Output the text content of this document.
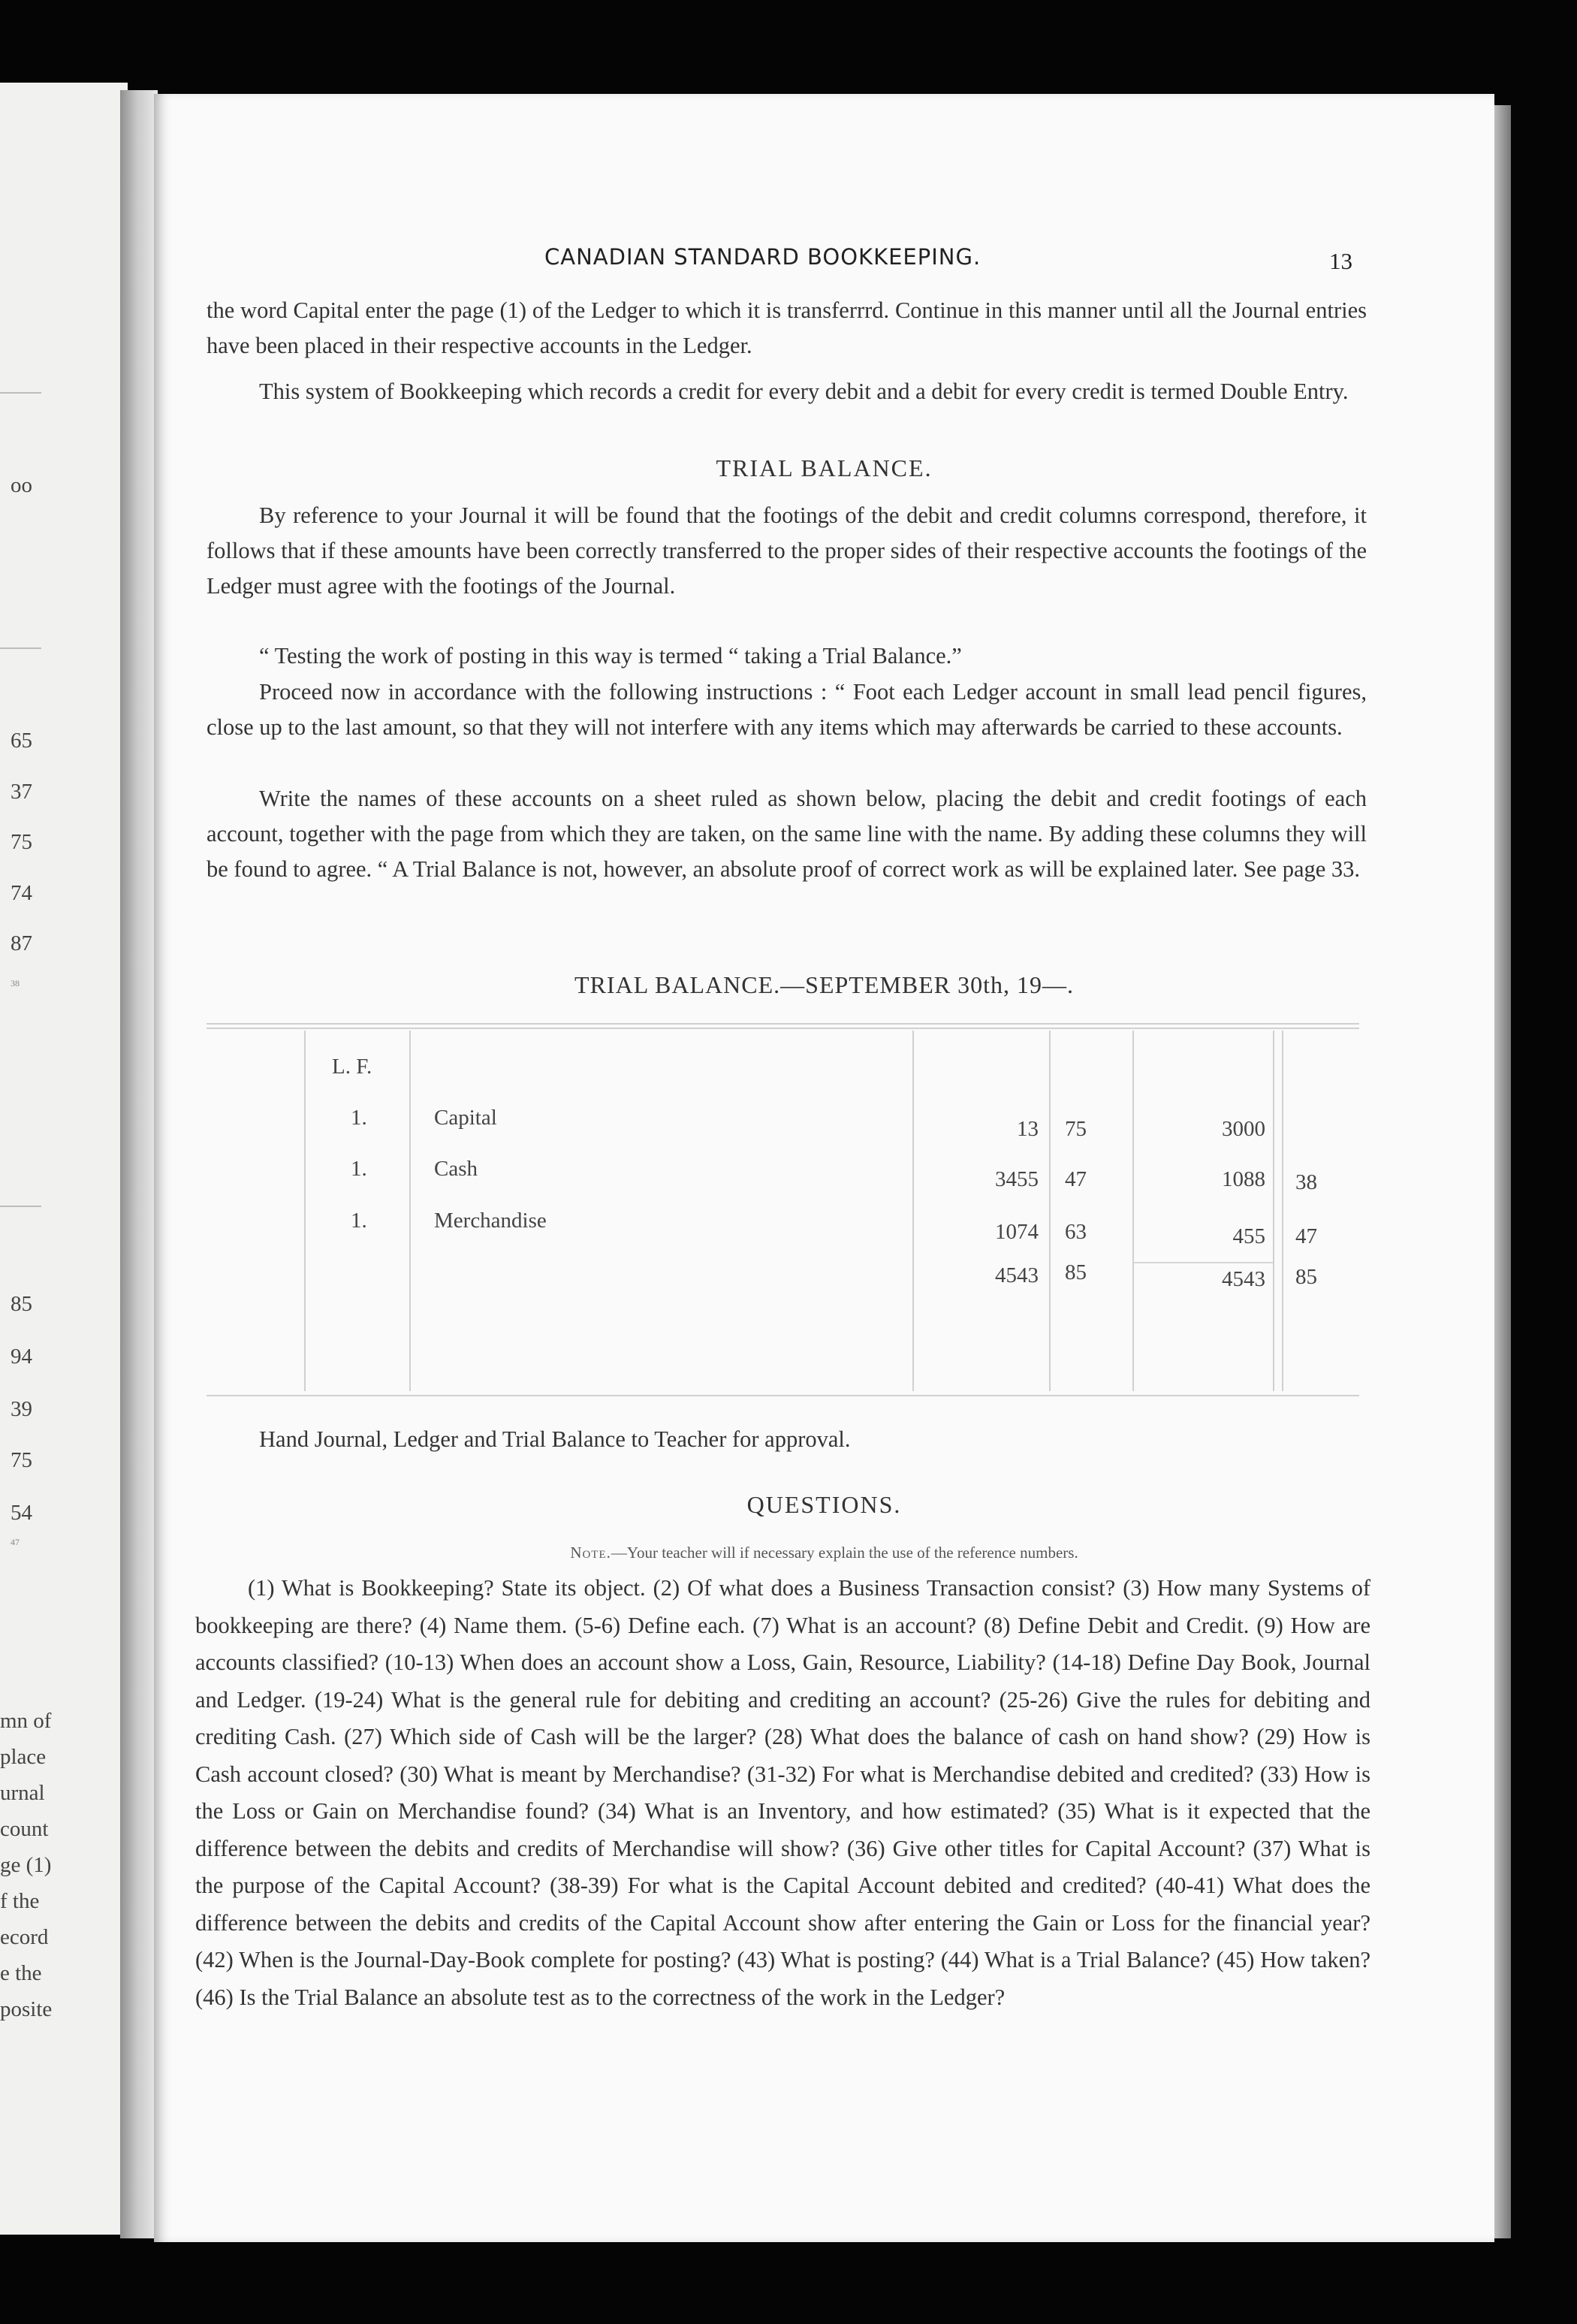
oo
65
37
75
74
87
38
85
94
39
75
54
47
mn of
place
urnal
count
ge (1)
f the
ecord
e the
posite
CANADIAN STANDARD BOOKKEEPING.	13

the word Capital enter the page (1) of the Ledger to which it is transferrrd. Continue in this manner until all the Journal entries have been placed in their respective accounts in the Ledger.

This system of Bookkeeping which records a credit for every debit and a debit for every credit is termed Double Entry.

TRIAL BALANCE.

By reference to your Journal it will be found that the footings of the debit and credit columns correspond, therefore, it follows that if these amounts have been correctly transferred to the proper sides of their respective accounts the footings of the Ledger must agree with the footings of the Journal.

“ Testing the work of posting in this way is termed “ taking a Trial Balance.”

Proceed now in accordance with the following instructions : “ Foot each Ledger account in small lead pencil figures, close up to the last amount, so that they will not interfere with any items which may afterwards be carried to these accounts.

Write the names of these accounts on a sheet ruled as shown below, placing the debit and credit footings of each account, together with the page from which they are taken, on the same line with the name. By adding these columns they will be found to agree. “ A Trial Balance is not, however, an absolute proof of correct work as will be explained later. See page 33.

TRIAL BALANCE.—SEPTEMBER 30th, 19—.
L. F.
1.	Capital	13 75	3000
1.	Cash	3455 47	1088 38
1.	Merchandise	1074 63	455 47
4543 85	4543 85

Hand Journal, Ledger and Trial Balance to Teacher for approval.

QUESTIONS.
Note.—Your teacher will if necessary explain the use of the reference numbers.

(1) What is Bookkeeping? State its object. (2) Of what does a Business Transaction consist? (3) How many Systems of bookkeeping are there? (4) Name them. (5-6) Define each. (7) What is an account? (8) Define Debit and Credit. (9) How are accounts classified? (10-13) When does an account show a Loss, Gain, Resource, Liability? (14-18) Define Day Book, Journal and Ledger. (19-24) What is the general rule for debiting and crediting an account? (25-26) Give the rules for debiting and crediting Cash. (27) Which side of Cash will be the larger? (28) What does the balance of cash on hand show? (29) How is Cash account closed? (30) What is meant by Merchandise? (31-32) For what is Merchandise debited and credited? (33) How is the Loss or Gain on Merchandise found? (34) What is an Inventory, and how estimated? (35) What is it expected that the difference between the debits and credits of Merchandise will show? (36) Give other titles for Capital Account? (37) What is the purpose of the Capital Account? (38-39) For what is the Capital Account debited and credited? (40-41) What does the difference between the debits and credits of the Capital Account show after entering the Gain or Loss for the financial year? (42) When is the Journal-Day-Book complete for posting? (43) What is posting? (44) What is a Trial Balance? (45) How taken? (46) Is the Trial Balance an absolute test as to the correctness of the work in the Ledger?
